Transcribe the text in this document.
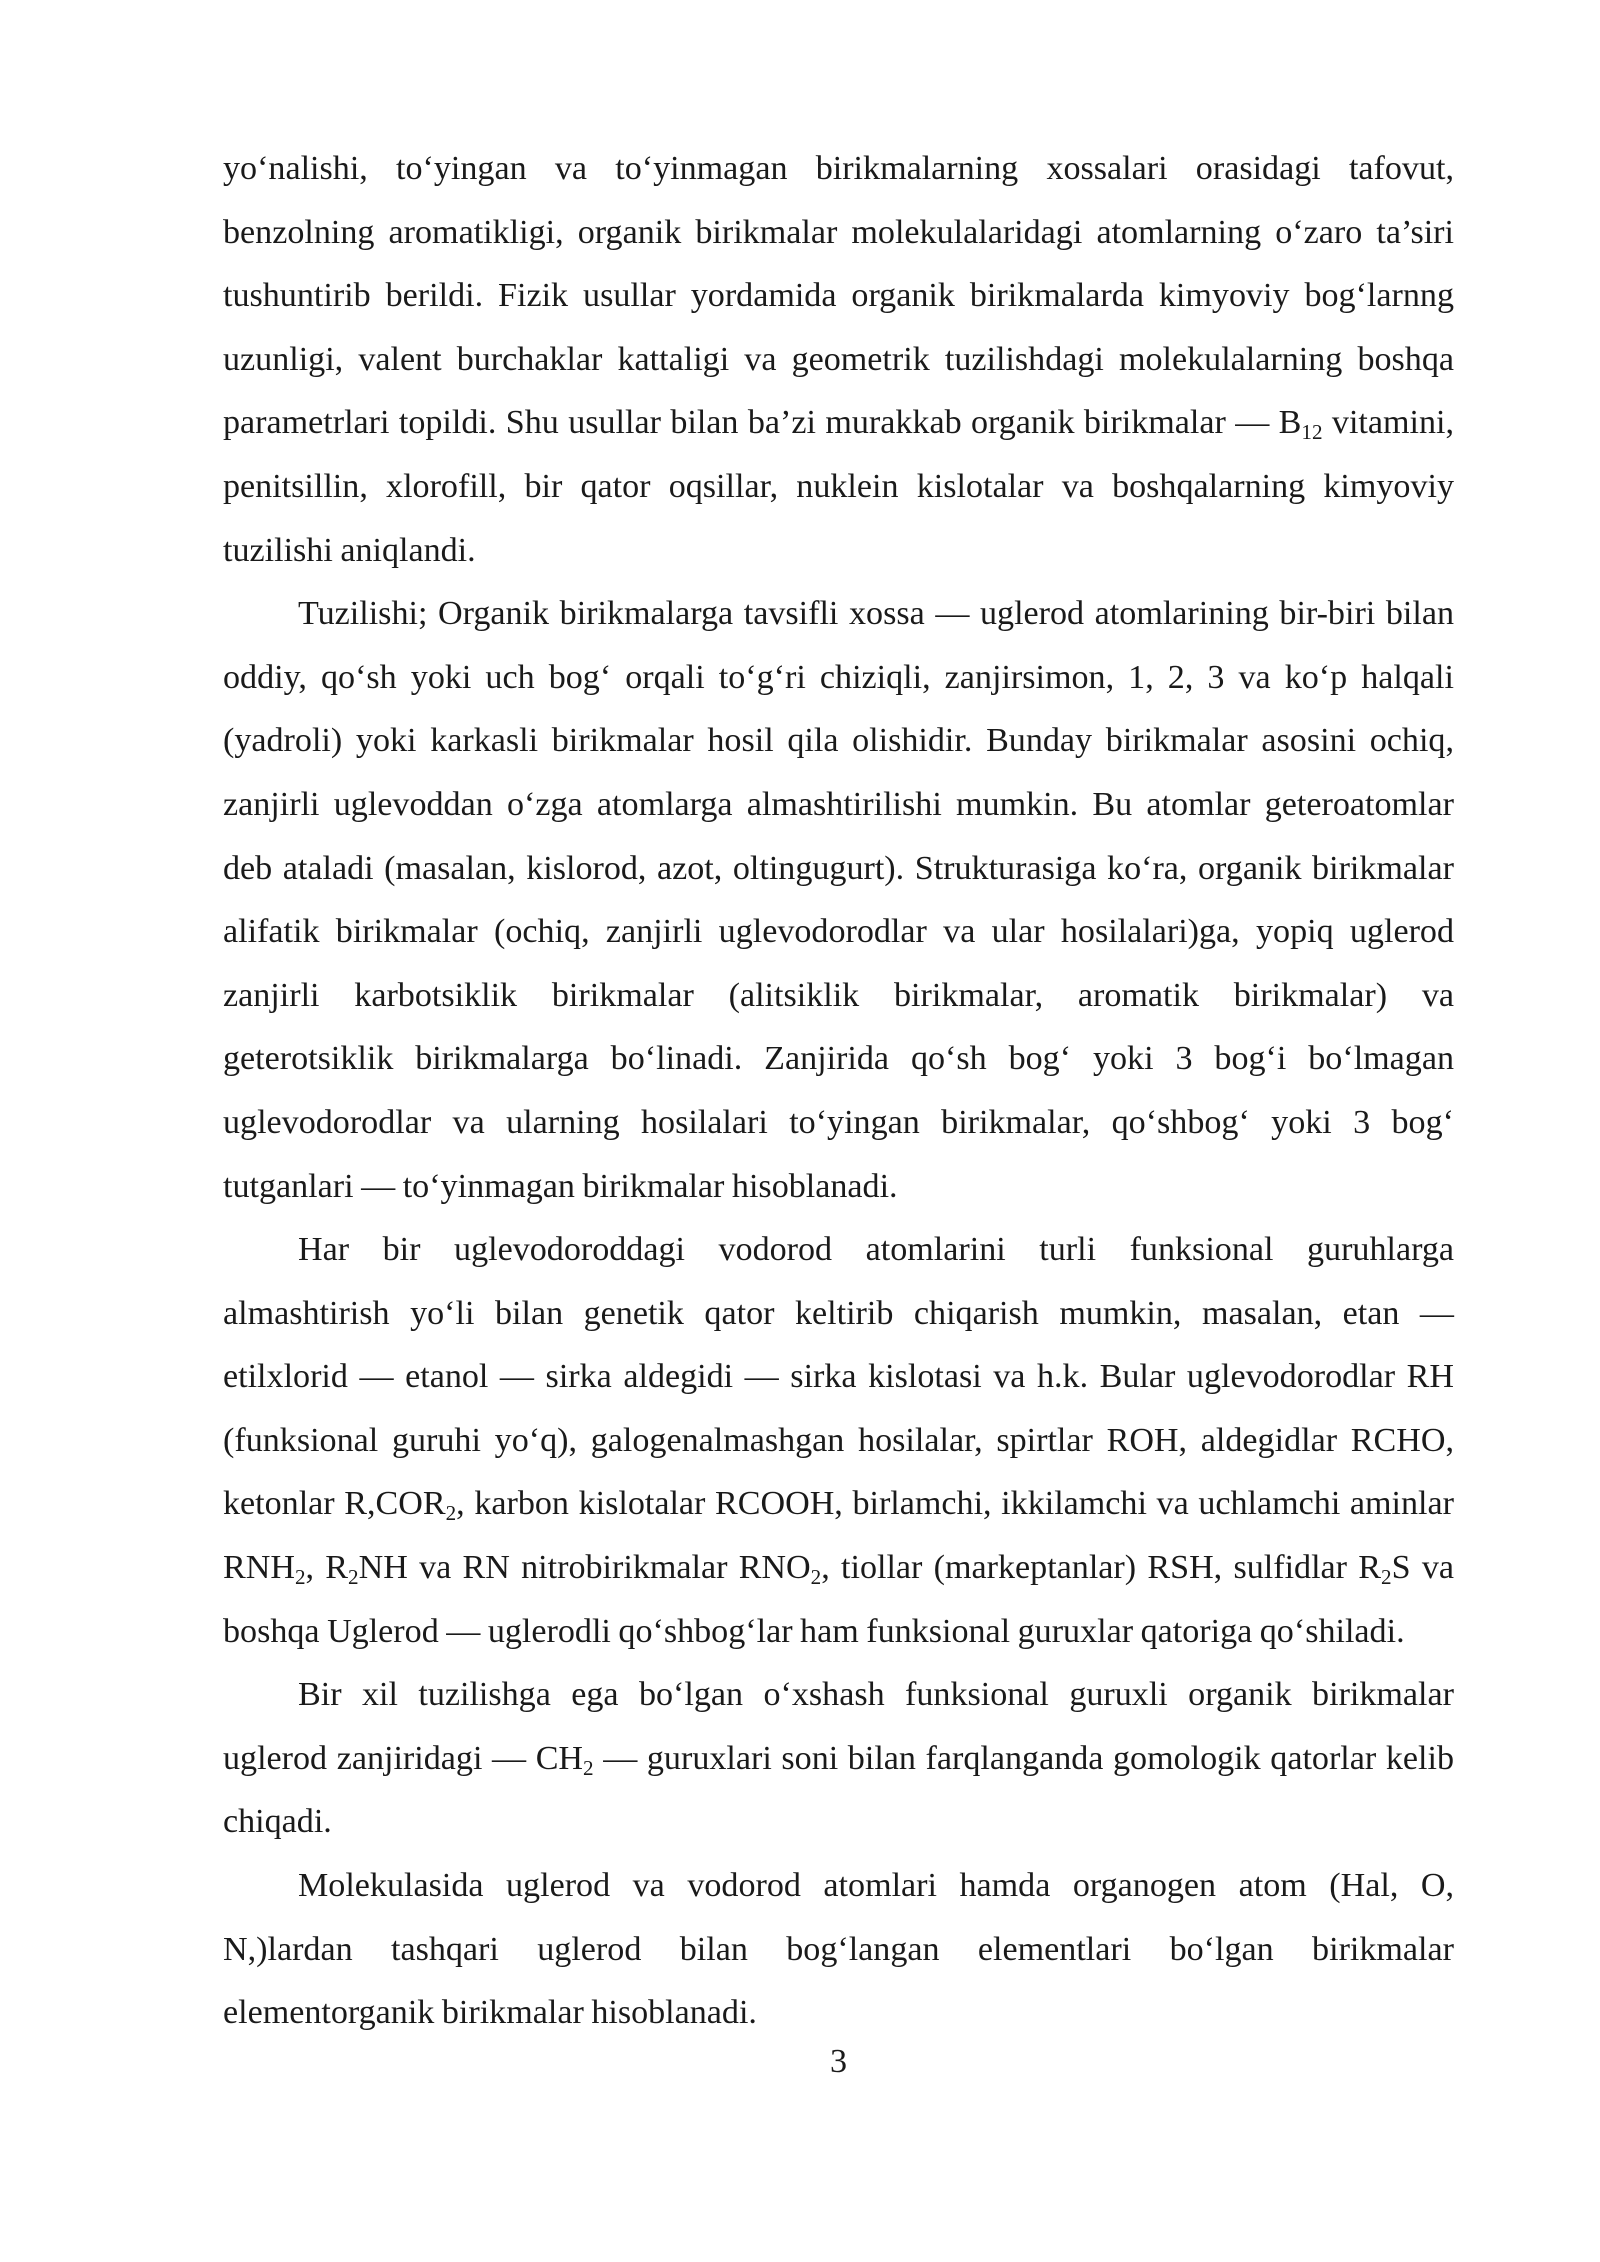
yo‘nalishi, to‘yingan va to‘yinmagan birikmalarning xossalari orasidagi tafovut,
benzolning aromatikligi, organik birikmalar molekulalaridagi atomlarning o‘zaro ta’siri
tushuntirib berildi. Fizik usullar yordamida organik birikmalarda kimyoviy bog‘larnng
uzunligi, valent burchaklar kattaligi va geometrik tuzilishdagi molekulalarning boshqa
parametrlari topildi. Shu usullar bilan ba’zi murakkab organik birikmalar — $B_{12}$ vitamini,
penitsillin, xlorofill, bir qator oqsillar, nuklein kislotalar va boshqalarning kimyoviy
tuzilishi aniqlandi.
Tuzilishi; Organik birikmalarga tavsifli xossa — uglerod atomlarining bir-biri bilan
oddiy, qo‘sh yoki uch bog‘ orqali to‘g‘ri chiziqli, zanjirsimon, 1, 2, 3 va ko‘p halqali
(yadroli) yoki karkasli birikmalar hosil qila olishidir. Bunday birikmalar asosini ochiq,
zanjirli uglevoddan o‘zga atomlarga almashtirilishi mumkin. Bu atomlar geteroatomlar
deb ataladi (masalan, kislorod, azot, oltingugurt). Strukturasiga ko‘ra, organik birikmalar
alifatik birikmalar (ochiq, zanjirli uglevodorodlar va ular hosilalari)ga, yopiq uglerod
zanjirli karbotsiklik birikmalar (alitsiklik birikmalar, aromatik birikmalar) va
geterotsiklik birikmalarga bo‘linadi. Zanjirida qo‘sh bog‘ yoki 3 bog‘i bo‘lmagan
uglevodorodlar va ularning hosilalari to‘yingan birikmalar, qo‘shbog‘ yoki 3 bog‘
tutganlari — to‘yinmagan birikmalar hisoblanadi.
Har bir uglevodoroddagi vodorod atomlarini turli funksional guruhlarga
almashtirish yo‘li bilan genetik qator keltirib chiqarish mumkin, masalan, etan —
etilxlorid — etanol — sirka aldegidi — sirka kislotasi va h.k. Bular uglevodorodlar RH
(funksional guruhi yo‘q), galogenalmashgan hosilalar, spirtlar ROH, aldegidlar RCHO,
ketonlar $R,COR_2$, karbon kislotalar RCOOH, birlamchi, ikkilamchi va uchlamchi aminlar
$RNH_2$, $R_2NH$ va RN nitrobirikmalar $RNO_2$, tiollar (markeptanlar) RSH, sulfidlar $R_2S$ va
boshqa Uglerod — uglerodli qo‘shbog‘lar ham funksional guruxlar qatoriga qo‘shiladi.
Bir xil tuzilishga ega bo‘lgan o‘xshash funksional guruxli organik birikmalar
uglerod zanjiridagi — $CH_2$ — guruxlari soni bilan farqlanganda gomologik qatorlar kelib
chiqadi.
Molekulasida uglerod va vodorod atomlari hamda organogen atom (Hal, O,
N,)lardan tashqari uglerod bilan bog‘langan elementlari bo‘lgan birikmalar
elementorganik birikmalar hisoblanadi.
3
